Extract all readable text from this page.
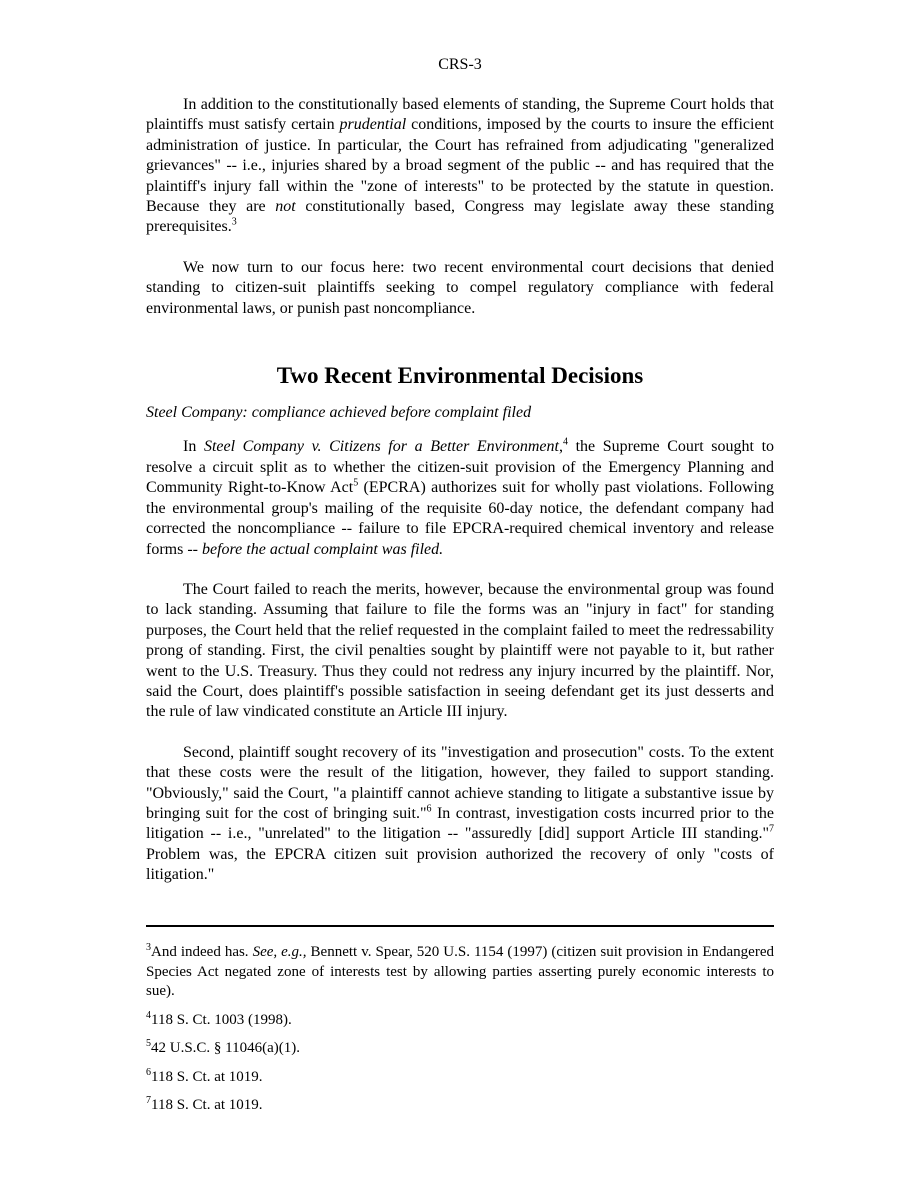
CRS-3

In addition to the constitutionally based elements of standing, the Supreme Court holds that plaintiffs must satisfy certain prudential conditions, imposed by the courts to insure the efficient administration of justice. In particular, the Court has refrained from adjudicating "generalized grievances" -- i.e., injuries shared by a broad segment of the public -- and has required that the plaintiff's injury fall within the "zone of interests" to be protected by the statute in question. Because they are not constitutionally based, Congress may legislate away these standing prerequisites.$^3$

We now turn to our focus here: two recent environmental court decisions that denied standing to citizen-suit plaintiffs seeking to compel regulatory compliance with federal environmental laws, or punish past noncompliance.

Two Recent Environmental Decisions

Steel Company: compliance achieved before complaint filed

In Steel Company v. Citizens for a Better Environment,$^4$ the Supreme Court sought to resolve a circuit split as to whether the citizen-suit provision of the Emergency Planning and Community Right-to-Know Act$^5$ (EPCRA) authorizes suit for wholly past violations. Following the environmental group's mailing of the requisite 60-day notice, the defendant company had corrected the noncompliance -- failure to file EPCRA-required chemical inventory and release forms -- before the actual complaint was filed.

The Court failed to reach the merits, however, because the environmental group was found to lack standing. Assuming that failure to file the forms was an "injury in fact" for standing purposes, the Court held that the relief requested in the complaint failed to meet the redressability prong of standing. First, the civil penalties sought by plaintiff were not payable to it, but rather went to the U.S. Treasury. Thus they could not redress any injury incurred by the plaintiff. Nor, said the Court, does plaintiff's possible satisfaction in seeing defendant get its just desserts and the rule of law vindicated constitute an Article III injury.

Second, plaintiff sought recovery of its "investigation and prosecution" costs. To the extent that these costs were the result of the litigation, however, they failed to support standing. "Obviously," said the Court, "a plaintiff cannot achieve standing to litigate a substantive issue by bringing suit for the cost of bringing suit."$^6$ In contrast, investigation costs incurred prior to the litigation -- i.e., "unrelated" to the litigation -- "assuredly [did] support Article III standing."$^7$ Problem was, the EPCRA citizen suit provision authorized the recovery of only "costs of litigation."

$^3$And indeed has. See, e.g., Bennett v. Spear, 520 U.S. 1154 (1997) (citizen suit provision in Endangered Species Act negated zone of interests test by allowing parties asserting purely economic interests to sue).

$^4$118 S. Ct. 1003 (1998).

$^5$42 U.S.C. § 11046(a)(1).

$^6$118 S. Ct. at 1019.

$^7$118 S. Ct. at 1019.
